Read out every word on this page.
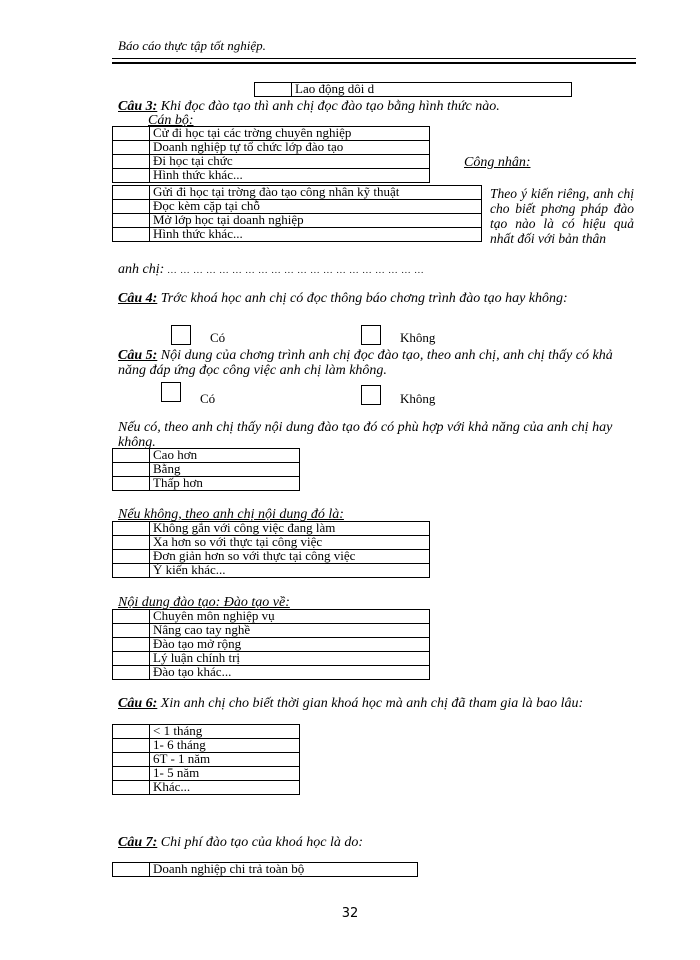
Báo cáo thực tập tốt nghiệp.
	Lao động dôi d
Câu 3: Khi đọc đào tạo thì anh chị đọc đào tạo bằng hình thức nào.
Cán bộ:
	Cử đi học tại các trờng chuyên nghiệp
	Doanh nghiệp tự tổ chức lớp đào tạo
	Đi học tại chức
	Hình thức khác...
Công nhân:
	Gửi đi học tại trờng đào tạo công nhân kỹ thuật
	Đọc kèm cặp tại chỗ
	Mở lớp học tại doanh nghiệp
	Hình thức khác...
Theo ý kiến riêng, anh chị cho biết phơng pháp đào tạo nào là có hiệu quả nhất đối với bản thân
anh chị: ... ... ... ... ... ... ... ... ... ... ... ... ... ... ... ... ... ... ... ...
Câu 4: Trớc khoá học anh chị có đọc thông báo chơng trình đào tạo hay không:
Có	Không
Câu 5: Nội dung của chơng trình anh chị đọc đào tạo, theo anh chị, anh chị thấy có khả năng đáp ứng đọc công việc anh chị làm không.
Có	Không
Nếu có, theo anh chị thấy nội dung đào tạo đó có phù hợp với khả năng của anh chị hay không.
	Cao hơn
	Bằng
	Thấp hơn
Nếu không, theo anh chị nội dung đó là:
	Không gắn với công việc đang làm
	Xa hơn so với thực tại công việc
	Đơn giản hơn so với thực tại công việc
	Ý kiến khác...
Nội dung đào tạo: Đào tạo về:
	Chuyên môn nghiệp vụ
	Nâng cao tay nghề
	Đào tạo mở rộng
	Lý luận chính trị
	Đào tạo khác...
Câu 6: Xin anh chị cho biết thời gian khoá học mà anh chị đã tham gia là bao lâu:
	< 1 tháng
	1- 6 tháng
	6T - 1 năm
	1- 5 năm
	Khác...
Câu 7: Chi phí đào tạo của khoá học là do:
	Doanh nghiệp chi trả toàn bộ
32
